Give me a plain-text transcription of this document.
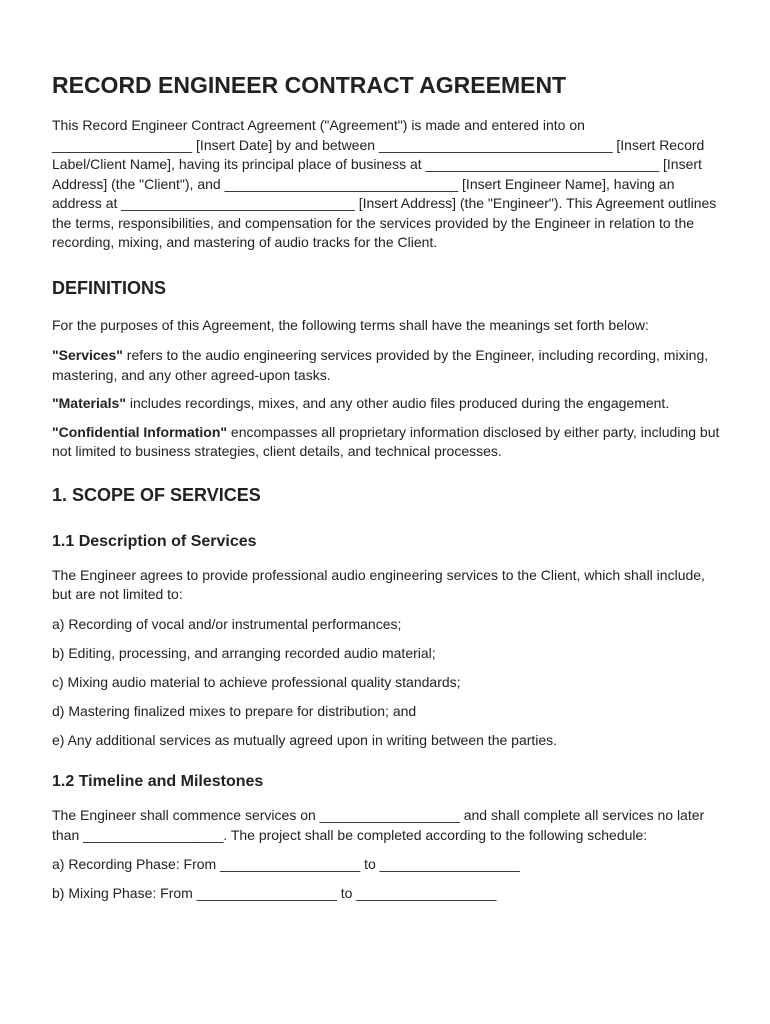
RECORD ENGINEER CONTRACT AGREEMENT

This Record Engineer Contract Agreement ("Agreement") is made and entered into on __________________ [Insert Date] by and between ______________________________ [Insert Record Label/Client Name], having its principal place of business at ______________________________ [Insert Address] (the "Client"), and ______________________________ [Insert Engineer Name], having an address at ______________________________ [Insert Address] (the "Engineer"). This Agreement outlines the terms, responsibilities, and compensation for the services provided by the Engineer in relation to the recording, mixing, and mastering of audio tracks for the Client.

DEFINITIONS

For the purposes of this Agreement, the following terms shall have the meanings set forth below:

"Services" refers to the audio engineering services provided by the Engineer, including recording, mixing, mastering, and any other agreed-upon tasks.

"Materials" includes recordings, mixes, and any other audio files produced during the engagement.

"Confidential Information" encompasses all proprietary information disclosed by either party, including but not limited to business strategies, client details, and technical processes.

1. SCOPE OF SERVICES
1.1 Description of Services

The Engineer agrees to provide professional audio engineering services to the Client, which shall include, but are not limited to:

a) Recording of vocal and/or instrumental performances;

b) Editing, processing, and arranging recorded audio material;

c) Mixing audio material to achieve professional quality standards;

d) Mastering finalized mixes to prepare for distribution; and

e) Any additional services as mutually agreed upon in writing between the parties.

1.2 Timeline and Milestones

The Engineer shall commence services on __________________ and shall complete all services no later than __________________. The project shall be completed according to the following schedule:

a) Recording Phase: From __________________ to __________________

b) Mixing Phase: From __________________ to __________________
